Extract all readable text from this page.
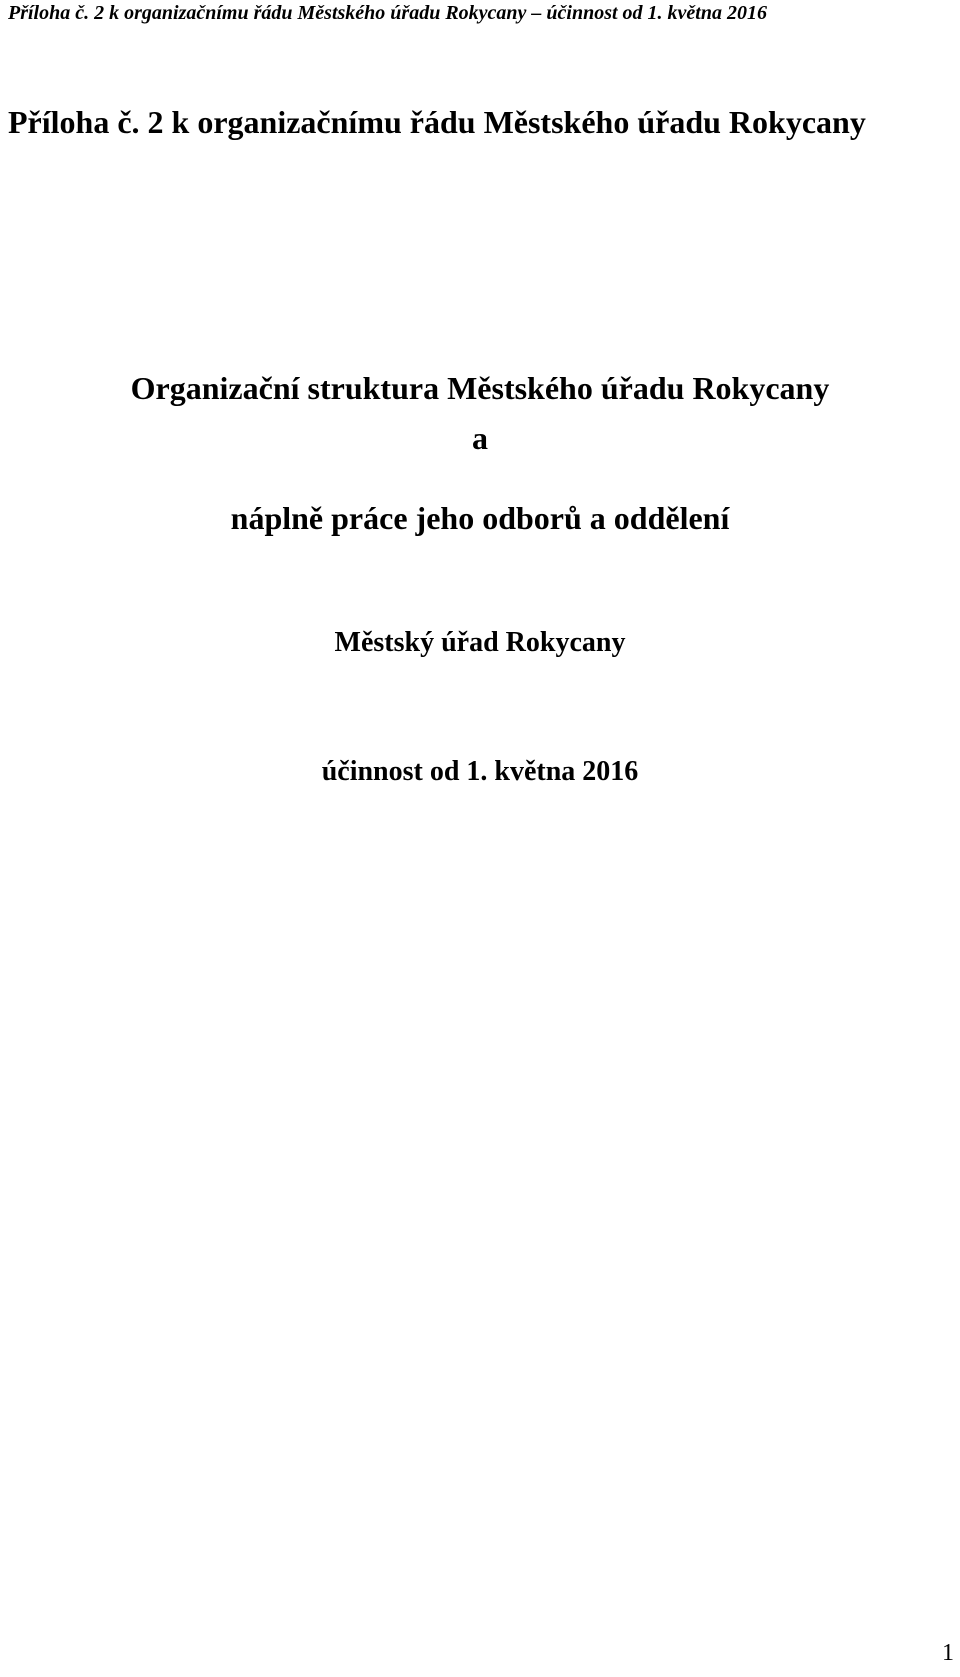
Příloha č. 2 k organizačnímu řádu Městského úřadu Rokycany – účinnost od 1. května 2016
Příloha č. 2 k organizačnímu řádu Městského úřadu Rokycany
Organizační struktura Městského úřadu Rokycany
a
náplně práce jeho odborů a oddělení
Městský úřad Rokycany
účinnost od 1. května 2016
1
